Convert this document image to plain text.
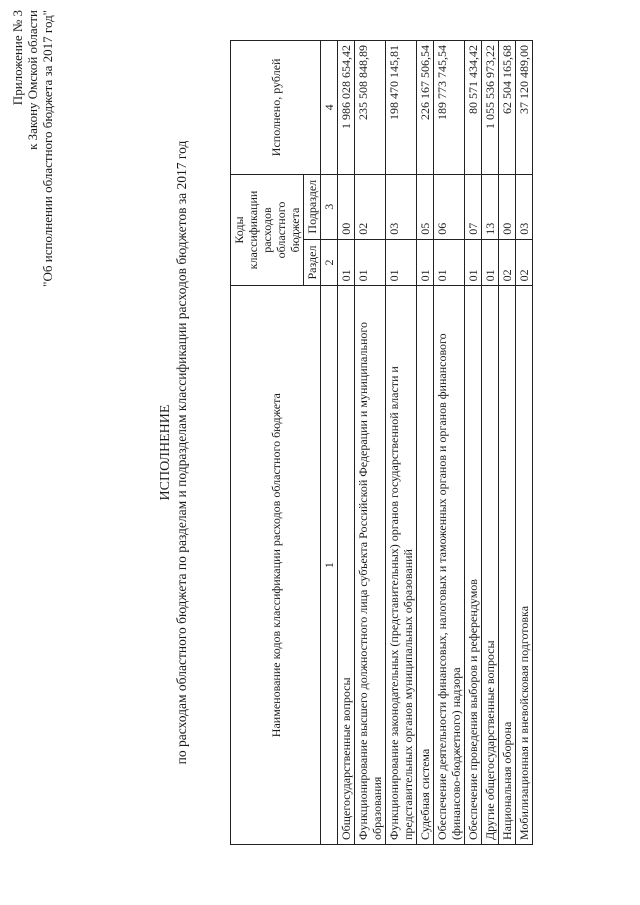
Приложение № 3 к Закону Омской области "Об исполнении областного бюджета за 2017 год"
ИСПОЛНЕНИЕ по расходам областного бюджета по разделам и подразделам классификации расходов бюджетов за 2017 год	Наименование кодов классификации расходов областного бюджета	Коды классификации расходов областного бюджета		Исполнено, рублей
	Раздел	Подраздел	
1	2	3	4
Общегосударственные вопросы	01	00	1 986 028 654,42
Функционирование высшего должностного лица субъекта Российской Федерации и муниципального образования	01	02	235 508 848,89
Функционирование законодательных (представительных) органов государственной власти и представительных органов муниципальных образований	01	03	198 470 145,81
Судебная система	01	05	226 167 506,54
Обеспечение деятельности финансовых, налоговых и таможенных органов и органов финансового (финансово-бюджетного) надзора	01	06	189 773 745,54
Обеспечение проведения выборов и референдумов	01	07	80 571 434,42
Другие общегосударственные вопросы	01	13	1 055 536 973,22
Национальная оборона	02	00	62 504 165,68
Мобилизационная и вневойсковая подготовка	02	03	37 120 489,00
